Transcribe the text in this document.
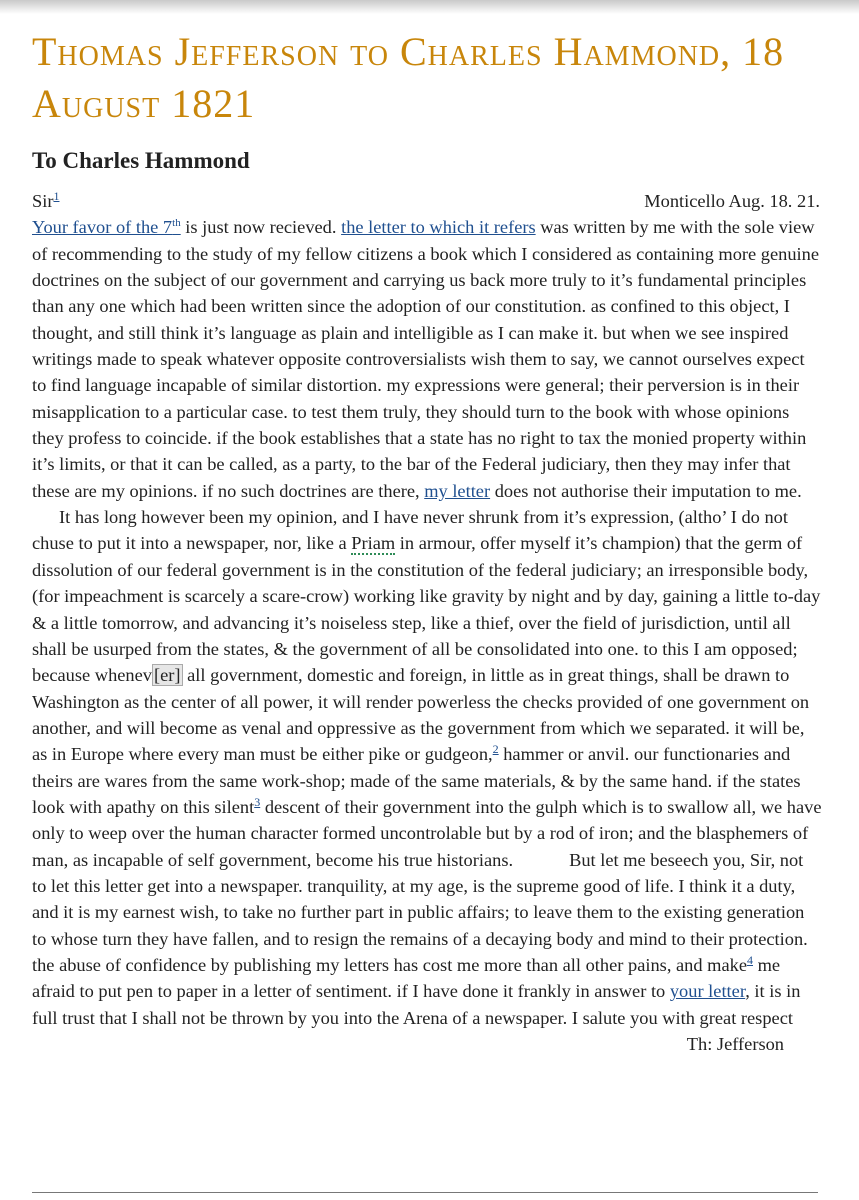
Thomas Jefferson to Charles Hammond, 18 August 1821
To Charles Hammond
Sir$^1$	Monticello Aug. 18. 21.

Your favor of the 7th is just now recieved. the letter to which it refers was written by me with the sole view of recommending to the study of my fellow citizens a book which I considered as containing more genuine doctrines on the subject of our government and carrying us back more truly to it’s fundamental principles than any one which had been written since the adoption of our constitution. as confined to this object, I thought, and still think it’s language as plain and intelligible as I can make it. but when we see inspired writings made to speak whatever opposite controversialists wish them to say, we cannot ourselves expect to find language incapable of similar distortion. my expressions were general; their perversion is in their misapplication to a particular case. to test them truly, they should turn to the book with whose opinions they profess to coincide. if the book establishes that a state has no right to tax the monied property within it’s limits, or that it can be called, as a party, to the bar of the Federal judiciary, then they may infer that these are my opinions. if no such doctrines are there, my letter does not authorise their imputation to me.

It has long however been my opinion, and I have never shrunk from it’s expression, (altho’ I do not chuse to put it into a newspaper, nor, like a Priam in armour, offer myself it’s champion) that the germ of dissolution of our federal government is in the constitution of the federal judiciary; an irresponsible body, (for impeachment is scarcely a scare-crow) working like gravity by night and by day, gaining a little to-day & a little tomorrow, and advancing it’s noiseless step, like a thief, over the field of jurisdiction, until all shall be usurped from the states, & the government of all be consolidated into one. to this I am opposed; because whenev [er] all government, domestic and foreign, in little as in great things, shall be drawn to Washington as the center of all power, it will render powerless the checks provided of one government on another, and will become as venal and oppressive as the government from which we separated. it will be, as in Europe where every man must be either pike or gudgeon,$^2$ hammer or anvil. our functionaries and theirs are wares from the same work-shop; made of the same materials, & by the same hand. if the states look with apathy on this silent$^3$ descent of their government into the gulph which is to swallow all, we have only to weep over the human character formed uncontrolable but by a rod of iron; and the blasphemers of man, as incapable of self government, become his true historians.	But let me beseech you, Sir, not to let this letter get into a newspaper. tranquility, at my age, is the supreme good of life. I think it a duty, and it is my earnest wish, to take no further part in public affairs; to leave them to the existing generation to whose turn they have fallen, and to resign the remains of a decaying body and mind to their protection. the abuse of confidence by publishing my letters has cost me more than all other pains, and make$^4$ me afraid to put pen to paper in a letter of sentiment. if I have done it frankly in answer to your letter, it is in full trust that I shall not be thrown by you into the Arena of a newspaper. I salute you with great respect

Th: Jefferson
